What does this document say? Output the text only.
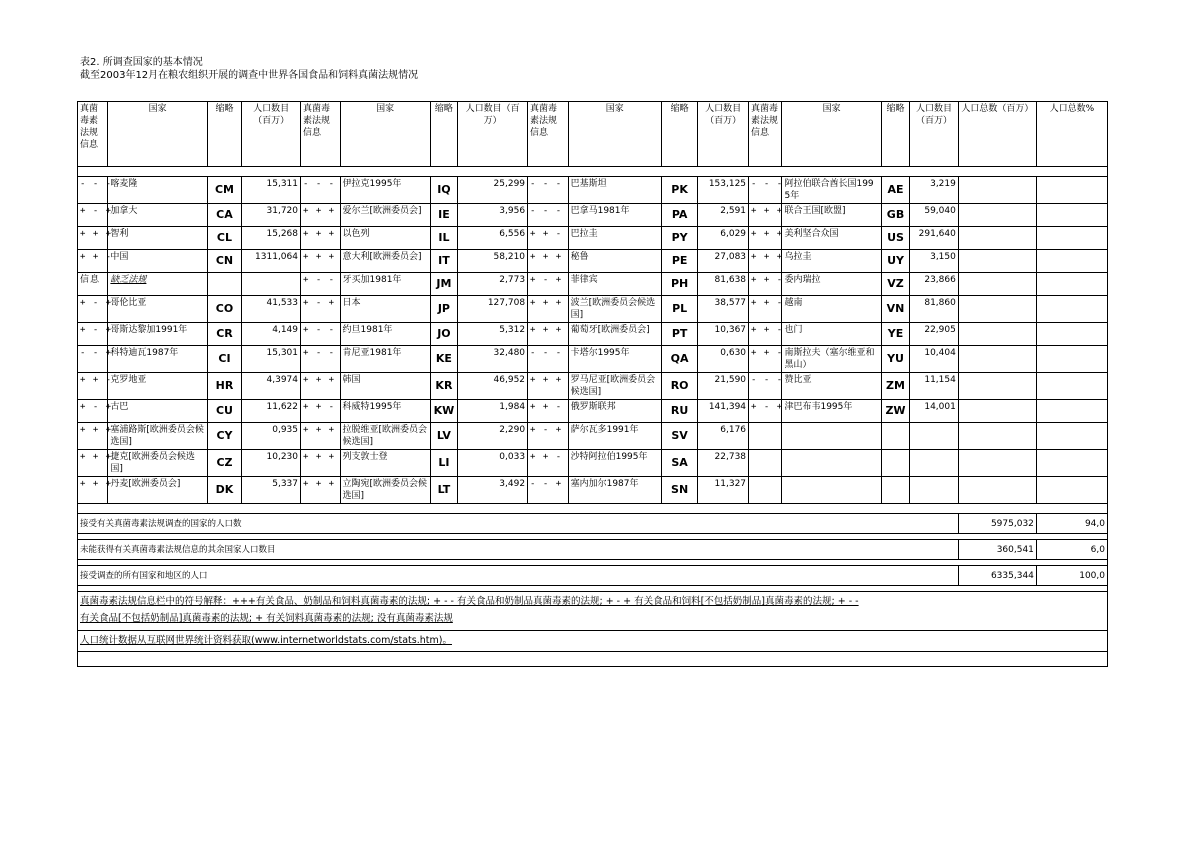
表2. 所调查国家的基本情况
截至2003年12月在粮农组织开展的调查中世界各国食品和饲料真菌法规情况
真菌毒素法规信息	国家	缩略	人口数目（百万）	真菌毒素法规信息	国家	缩略	人口数目（百万）	真菌毒素法规信息	国家	缩略	人口数目（百万）	真菌毒素法规信息	国家	缩略	人口数目（百万）	人口总数（百万）	人口总数%

- - -	喀麦隆	CM	15,311	- - -	伊拉克1995年	IQ	25,299	- - -	巴基斯坦	PK	153,125	- - -	阿拉伯联合酋长国1995年	AE	3,219		
+ - +	加拿大	CA	31,720	+ + +	爱尔兰[欧洲委员会]	IE	3,956	- - -	巴拿马1981年	PA	2,591	+ + +	联合王国[欧盟]	GB	59,040		
+ + +	智利	CL	15,268	+ + +	以色列	IL	6,556	+ + -	巴拉圭	PY	6,029	+ + +	美利坚合众国	US	291,640		
+ + -	中国	CN	1311,064	+ + +	意大利[欧洲委员会]	IT	58,210	+ + +	秘鲁	PE	27,083	+ + +	乌拉圭	UY	3,150		
信息	缺乏法规			+ - -	牙买加1981年	JM	2,773	+ - +	菲律宾	PH	81,638	+ + -	委内瑞拉	VZ	23,866		
+ - +	哥伦比亚	CO	41,533	+ - +	日本	JP	127,708	+ + +	波兰[欧洲委员会候选国]	PL	38,577	+ + -	越南	VN	81,860		
+ - +	哥斯达黎加1991年	CR	4,149	+ - -	约旦1981年	JO	5,312	+ + +	葡萄牙[欧洲委员会]	PT	10,367	+ + -	也门	YE	22,905		
- - +	科特迪瓦1987年	CI	15,301	+ - -	肯尼亚1981年	KE	32,480	- - -	卡塔尔1995年	QA	0,630	+ + -	南斯拉夫（塞尔维亚和黑山）	YU	10,404		
+ + -	克罗地亚	HR	4,3974	+ + +	韩国	KR	46,952	+ + +	罗马尼亚[欧洲委员会候选国]	RO	21,590	- - -	赞比亚	ZM	11,154		
+ - +	古巴	CU	11,622	+ + -	科威特1995年	KW	1,984	+ + -	俄罗斯联邦	RU	141,394	+ - +	津巴布韦1995年	ZW	14,001		
+ + +	塞浦路斯[欧洲委员会候选国]	CY	0,935	+ + +	拉脱维亚[欧洲委员会候选国]	LV	2,290	+ - +	萨尔瓦多1991年	SV	6,176						
+ + +	捷克[欧洲委员会候选国]	CZ	10,230	+ + +	列支敦士登	LI	0,033	+ + -	沙特阿拉伯1995年	SA	22,738						
+ + +	丹麦[欧洲委员会]	DK	5,337	+ + +	立陶宛[欧洲委员会候选国]	LT	3,492	- - +	塞内加尔1987年	SN	11,327						

接受有关真菌毒素法规调查的国家的人口数																5975,032	94,0

未能获得有关真菌毒素法规信息的其余国家人口数目																360,541	6,0

接受调查的所有国家和地区的人口																6335,344	100,0

真菌毒素法规信息栏中的符号解释：+++有关食品、奶制品和饲料真菌毒素的法规; + - - 有关食品和奶制品真菌毒素的法规; + - + 有关食品和饲料[不包括奶制品]真菌毒素的法规; + - -
有关食品[不包括奶制品]真菌毒素的法规; + 有关饲料真菌毒素的法规; 没有真菌毒素法规																	
人口统计数据从互联网世界统计资料获取(www.internetworldstats.com/stats.htm)。																	
